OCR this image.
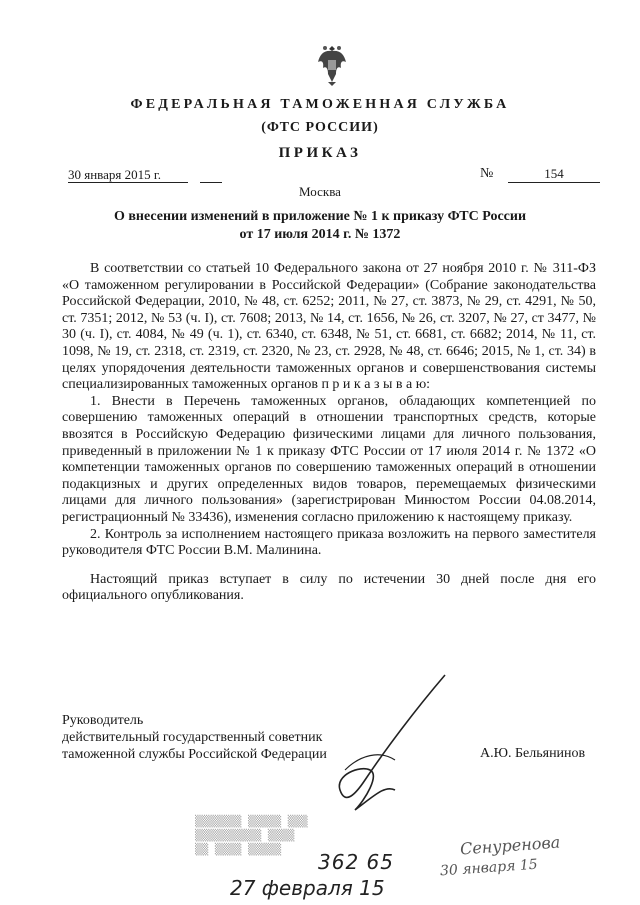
ФЕДЕРАЛЬНАЯ ТАМОЖЕННАЯ СЛУЖБА
(ФТС РОССИИ)
ПРИКАЗ
30 января 2015 г.	№	154
Москва
О внесении изменений в приложение № 1 к приказу ФТС России
от 17 июля 2014 г. № 1372

В соответствии со статьей 10 Федерального закона от 27 ноября 2010 г. № 311-ФЗ «О таможенном регулировании в Российской Федерации» (Собрание законодательства Российской Федерации, 2010, № 48, ст. 6252; 2011, № 27, ст. 3873, № 29, ст. 4291, № 50, ст. 7351; 2012, № 53 (ч. I), ст. 7608; 2013, № 14, ст. 1656, № 26, ст. 3207, № 27, ст 3477, № 30 (ч. I), ст. 4084, № 49 (ч. 1), ст. 6340, ст. 6348, № 51, ст. 6681, ст. 6682; 2014, № 11, ст. 1098, № 19, ст. 2318, ст. 2319, ст. 2320, № 23, ст. 2928, № 48, ст. 6646; 2015, № 1, ст. 34) в целях упорядочения деятельности таможенных органов и совершенствования системы специализированных таможенных органов п р и к а з ы в а ю:

1. Внести в Перечень таможенных органов, обладающих компетенцией по совершению таможенных операций в отношении транспортных средств, которые ввозятся в Российскую Федерацию физическими лицами для личного пользования, приведенный в приложении № 1 к приказу ФТС России от 17 июля 2014 г. № 1372 «О компетенции таможенных органов по совершению таможенных операций в отношении подакцизных и других определенных видов товаров, перемещаемых физическими лицами для личного пользования» (зарегистрирован Минюстом России 04.08.2014, регистрационный № 33436), изменения согласно приложению к настоящему приказу.

2. Контроль за исполнением настоящего приказа возложить на первого заместителя руководителя ФТС России В.М. Малинина.

Настоящий приказ вступает в силу по истечении 30 дней после дня его официального опубликования.

Руководитель
действительный государственный советник
таможенной службы Российской Федерации	А.Ю. Бельянинов
▒▒▒▒▒▒▒ ▒▒▒▒▒ ▒▒▒
▒▒▒▒▒▒▒▒▒▒ ▒▒▒▒
▒▒ ▒▒▒▒ ▒▒▒▒▒
362 65
27 февраля 15
Сенуренова
30 января 15
